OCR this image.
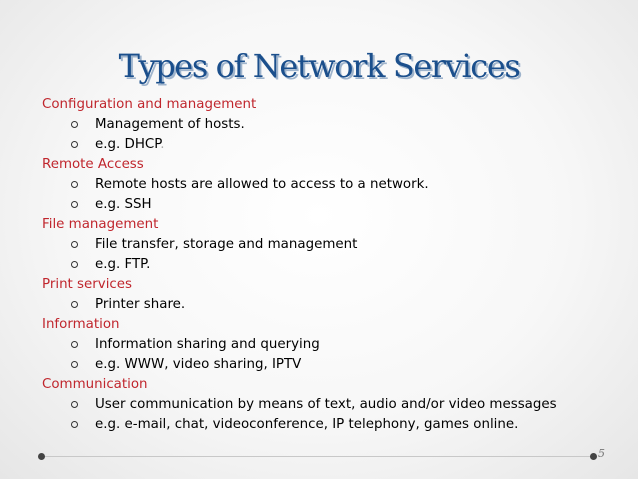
Types of Network Services
Configuration and management
Management of hosts.
e.g. DHCP.
Remote Access
Remote hosts are allowed to access to a network.
e.g. SSH
File management
File transfer, storage and management
e.g. FTP.
Print services
Printer share.
Information
Information sharing and querying
e.g. WWW, video sharing, IPTV
Communication
User communication by means of text, audio and/or video messages
e.g. e-mail, chat, videoconference, IP telephony, games online.
5
